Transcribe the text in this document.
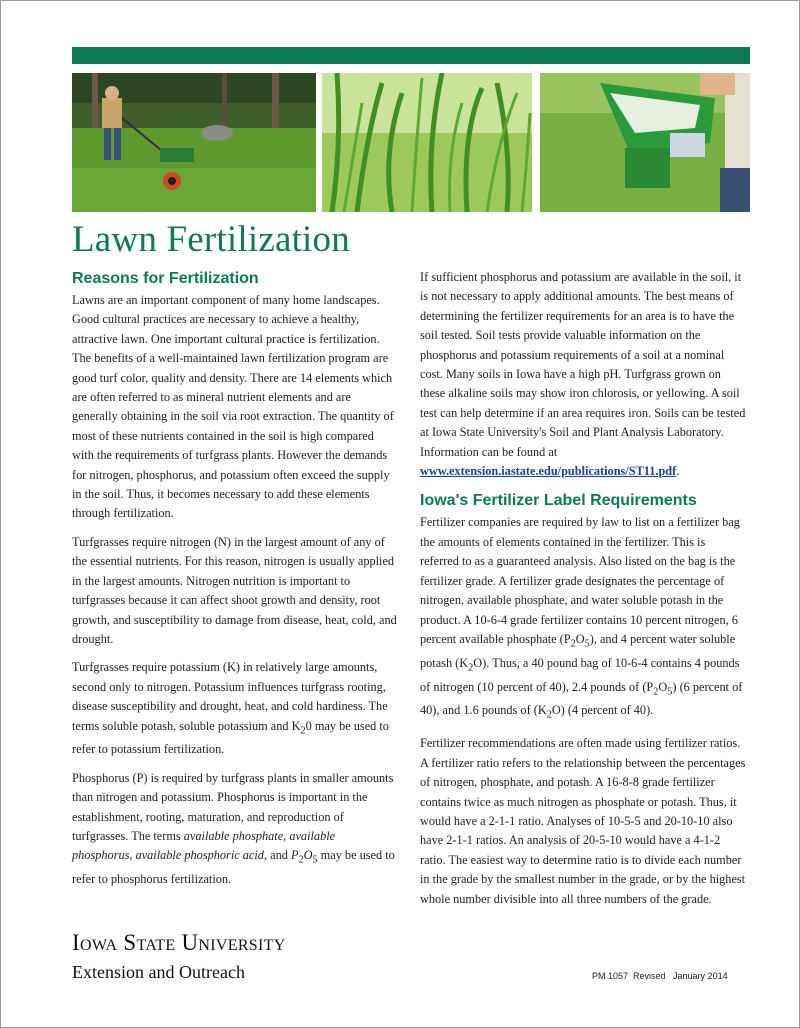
Lawn Fertilization
Reasons for Fertilization

Lawns are an important component of many home landscapes. Good cultural practices are necessary to achieve a healthy, attractive lawn. One important cultural practice is fertilization. The benefits of a well-maintained lawn fertilization program are good turf color, quality and density. There are 14 elements which are often referred to as mineral nutrient elements and are generally obtaining in the soil via root extraction. The quantity of most of these nutrients contained in the soil is high compared with the requirements of turfgrass plants. However the demands for nitrogen, phosphorus, and potassium often exceed the supply in the soil. Thus, it becomes necessary to add these elements through fertilization.

Turfgrasses require nitrogen (N) in the largest amount of any of the essential nutrients. For this reason, nitrogen is usually applied in the largest amounts. Nitrogen nutrition is important to turfgrasses because it can affect shoot growth and density, root growth, and susceptibility to damage from disease, heat, cold, and drought.

Turfgrasses require potassium (K) in relatively large amounts, second only to nitrogen. Potassium influences turfgrass rooting, disease susceptibility and drought, heat, and cold hardiness. The terms soluble potash, soluble potassium and $K_20$ may be used to refer to potassium fertilization.

Phosphorus (P) is required by turfgrass plants in smaller amounts than nitrogen and potassium. Phosphorus is important in the establishment, rooting, maturation, and reproduction of turfgrasses. The terms available phosphate, available phosphorus, available phosphoric acid, and $P_2O_5$ may be used to refer to phosphorus fertilization.

If sufficient phosphorus and potassium are available in the soil, it is not necessary to apply additional amounts. The best means of determining the fertilizer requirements for an area is to have the soil tested. Soil tests provide valuable information on the phosphorus and potassium requirements of a soil at a nominal cost. Many soils in Iowa have a high pH. Turfgrass grown on these alkaline soils may show iron chlorosis, or yellowing. A soil test can help determine if an area requires iron. Soils can be tested at Iowa State University's Soil and Plant Analysis Laboratory. Information can be found at www.extension.iastate.edu/publications/ST11.pdf.

Iowa's Fertilizer Label Requirements

Fertilizer companies are required by law to list on a fertilizer bag the amounts of elements contained in the fertilizer. This is referred to as a guaranteed analysis. Also listed on the bag is the fertilizer grade. A fertilizer grade designates the percentage of nitrogen, available phosphate, and water soluble potash in the product. A 10-6-4 grade fertilizer contains 10 percent nitrogen, 6 percent available phosphate $(P_2O_5)$, and 4 percent water soluble potash $(K_2O)$. Thus, a 40 pound bag of 10-6-4 contains 4 pounds of nitrogen (10 percent of 40), 2.4 pounds of $(P_2O_5)$ (6 percent of 40), and 1.6 pounds of $(K_2O)$ (4 percent of 40).

Fertilizer recommendations are often made using fertilizer ratios. A fertilizer ratio refers to the relationship between the percentages of nitrogen, phosphate, and potash. A 16-8-8 grade fertilizer contains twice as much nitrogen as phosphate or potash. Thus, it would have a 2-1-1 ratio. Analyses of 10-5-5 and 20-10-10 also have 2-1-1 ratios. An analysis of 20-5-10 would have a 4-1-2 ratio. The easiest way to determine ratio is to divide each number in the grade by the smallest number in the grade, or by the highest whole number divisible into all three numbers of the grade.

Iowa State University

Extension and Outreach	PM 1057  Revised   January 2014
